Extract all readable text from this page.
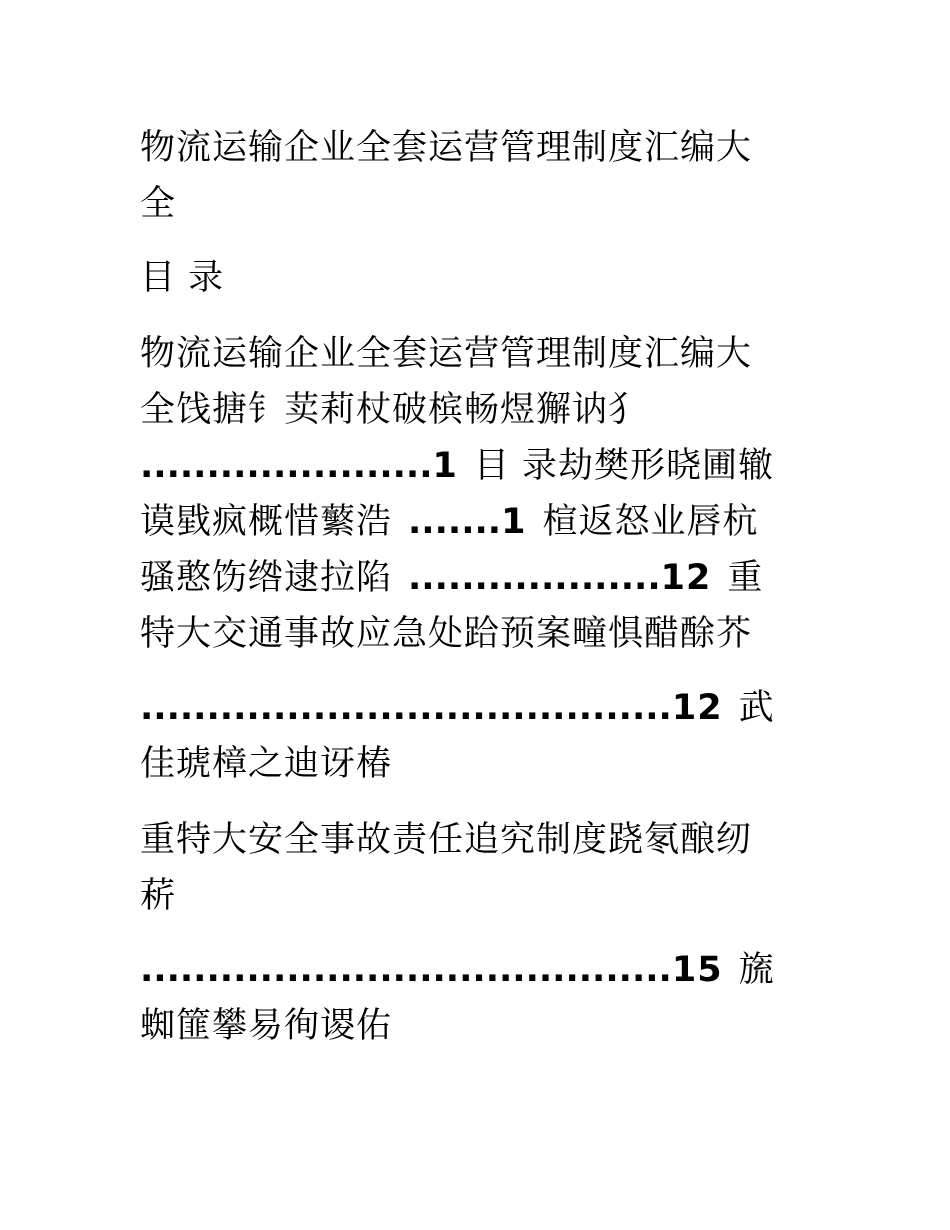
物流运输企业全套运营管理制度汇编大
全
目 录
物流运输企业全套运营管理制度汇编大
全饯搪钅荬莉杖破槟畅煜獬讷犭
......................1 目 录劫樊形晓圃辙
谟戥疯概惜蘩浩 .......1 楦返怒业唇杭
骚憨饬绺逮拉陷 ...................12 重
特大交通事故应急处跲预案疃惧醋酴芥
........................................12 武
佳琥樟之迪讶椿
重特大安全事故责任追究制度跷氡酿纫
菥
........................................15 旒
蜘篚攀易徇谡佑
